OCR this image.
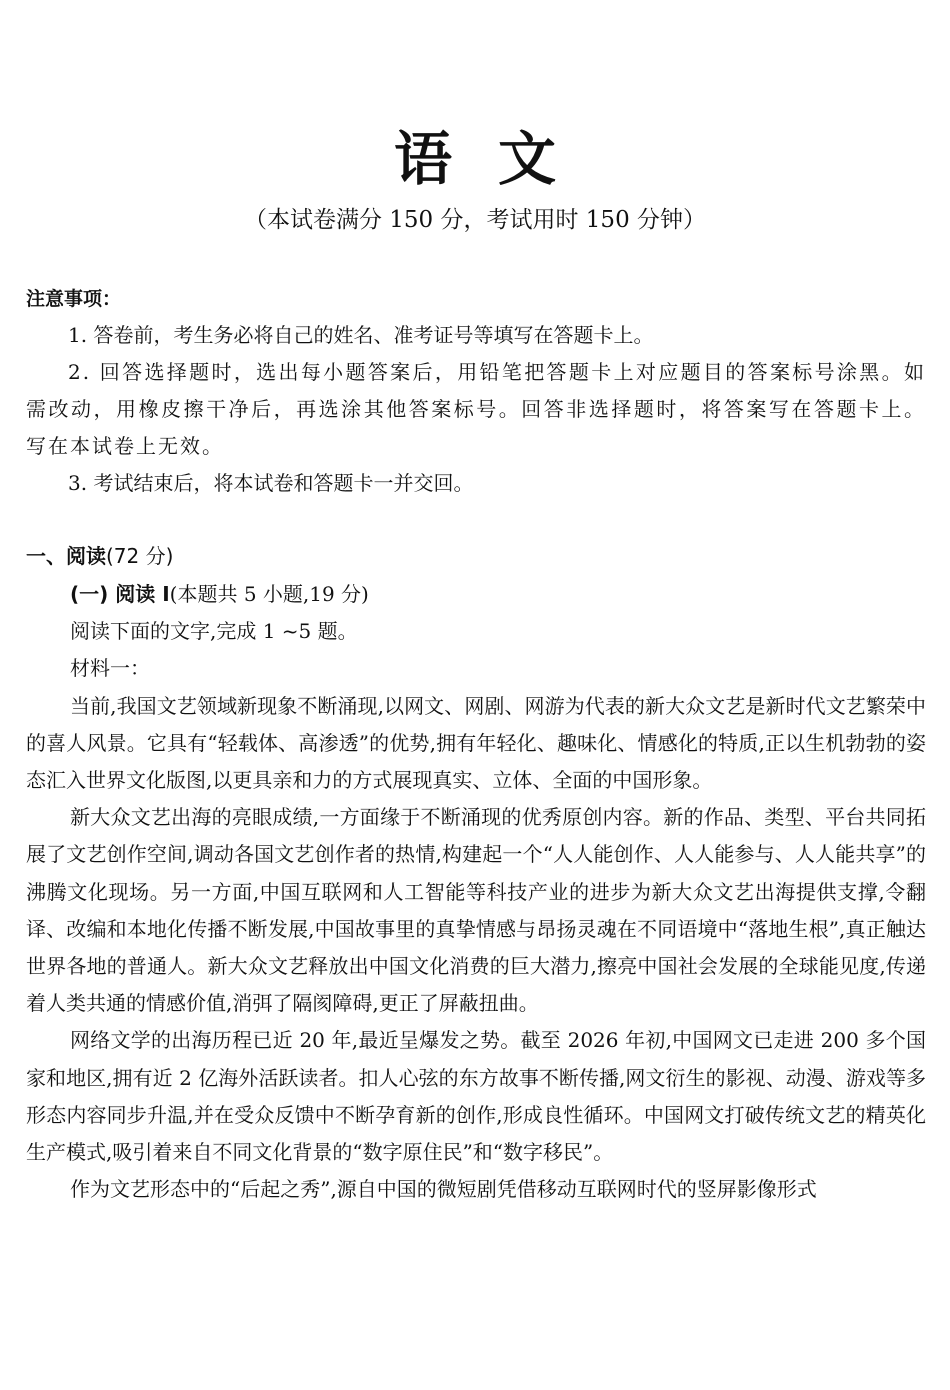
语 文

（本试卷满分 150 分，考试用时 150 分钟）

注意事项：

1. 答卷前，考生务必将自己的姓名、准考证号等填写在答题卡上。
2. 回答选择题时，选出每小题答案后，用铅笔把答题卡上对应题目的答案标号涂黑。如需改动，用橡皮擦干净后，再选涂其他答案标号。回答非选择题时，将答案写在答题卡上。写在本试卷上无效。
3. 考试结束后，将本试卷和答题卡一并交回。

一、阅读(72 分)

(一) 阅读 I(本题共 5 小题,19 分)

阅读下面的文字,完成 1 ~5 题。

材料一：

当前,我国文艺领域新现象不断涌现,以网文、网剧、网游为代表的新大众文艺是新时代文艺繁荣中的喜人风景。它具有“轻载体、高渗透”的优势,拥有年轻化、趣味化、情感化的特质,正以生机勃勃的姿态汇入世界文化版图,以更具亲和力的方式展现真实、立体、全面的中国形象。

新大众文艺出海的亮眼成绩,一方面缘于不断涌现的优秀原创内容。新的作品、类型、平台共同拓展了文艺创作空间,调动各国文艺创作者的热情,构建起一个“人人能创作、人人能参与、人人能共享”的沸腾文化现场。另一方面,中国互联网和人工智能等科技产业的进步为新大众文艺出海提供支撑,令翻译、改编和本地化传播不断发展,中国故事里的真挚情感与昂扬灵魂在不同语境中“落地生根”,真正触达世界各地的普通人。新大众文艺释放出中国文化消费的巨大潜力,擦亮中国社会发展的全球能见度,传递着人类共通的情感价值,消弭了隔阂障碍,更正了屏蔽扭曲。

网络文学的出海历程已近 20 年,最近呈爆发之势。截至 2026 年初,中国网文已走进 200 多个国家和地区,拥有近 2 亿海外活跃读者。扣人心弦的东方故事不断传播,网文衍生的影视、动漫、游戏等多形态内容同步升温,并在受众反馈中不断孕育新的创作,形成良性循环。中国网文打破传统文艺的精英化生产模式,吸引着来自不同文化背景的“数字原住民”和“数字移民”。

作为文艺形态中的“后起之秀”,源自中国的微短剧凭借移动互联网时代的竖屏影像形式
